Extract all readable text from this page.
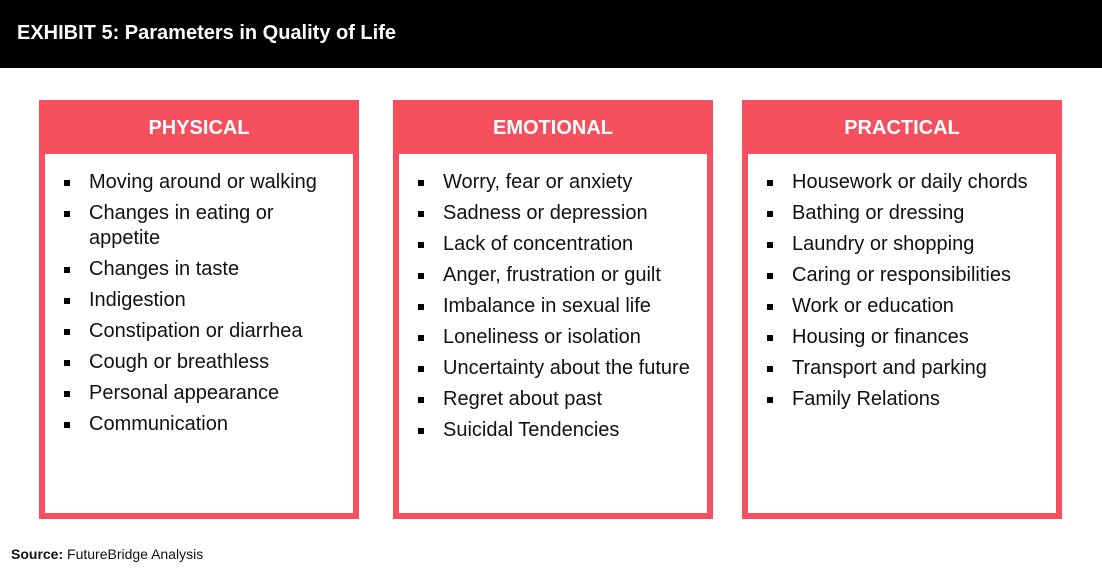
EXHIBIT 5: Parameters in Quality of Life
PHYSICAL
Moving around or walking
Changes in eating or appetite
Changes in taste
Indigestion
Constipation or diarrhea
Cough or breathless
Personal appearance
Communication
EMOTIONAL
Worry, fear or anxiety
Sadness or depression
Lack of concentration
Anger, frustration or guilt
Imbalance in sexual life
Loneliness or isolation
Uncertainty about the future
Regret about past
Suicidal Tendencies
PRACTICAL
Housework or daily chords
Bathing or dressing
Laundry or shopping
Caring or responsibilities
Work or education
Housing or finances
Transport and parking
Family Relations
Source: FutureBridge Analysis
